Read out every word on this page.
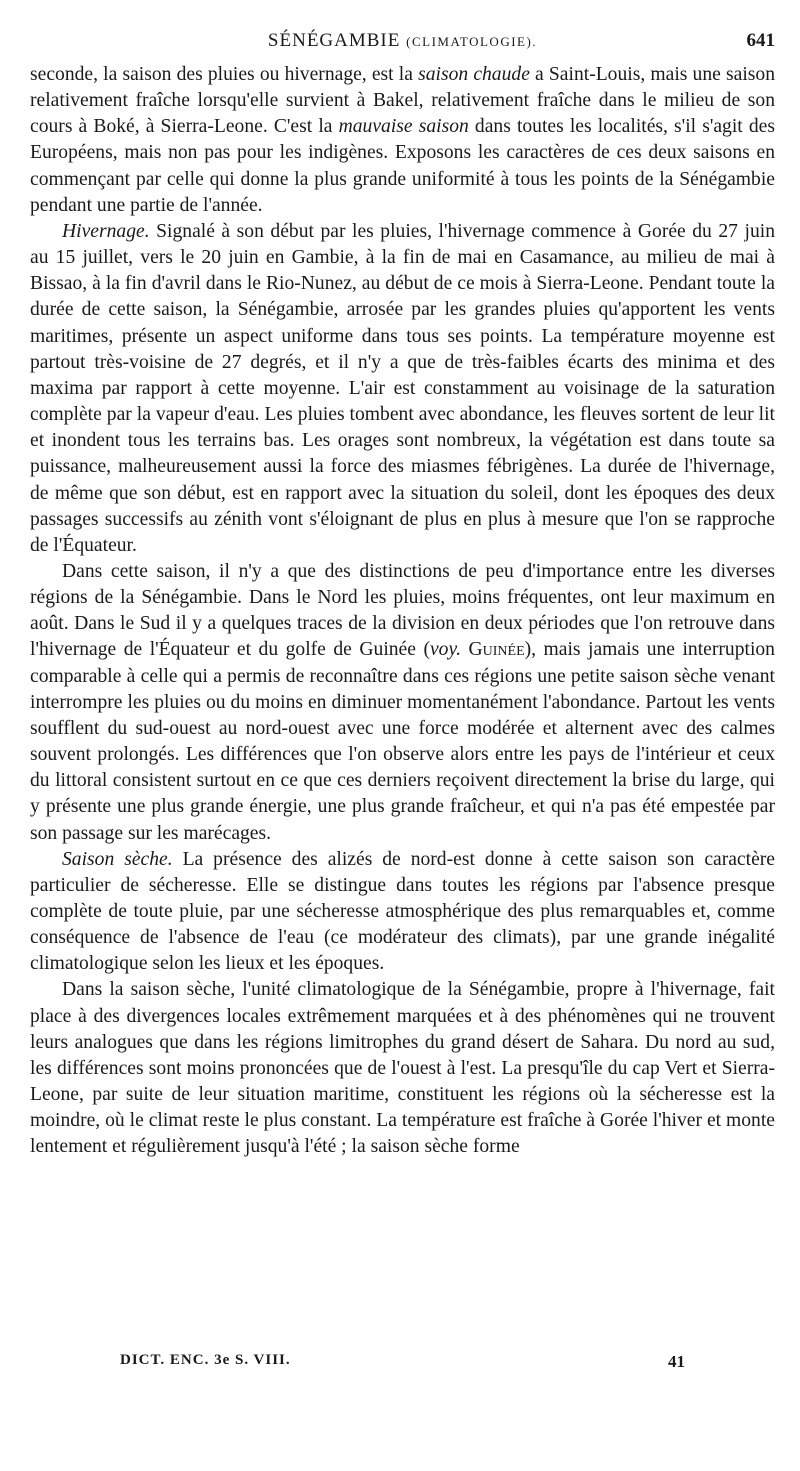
SÉNÉGAMBIE (CLIMATOLOGIE).	641

seconde, la saison des pluies ou hivernage, est la saison chaude a Saint-Louis, mais une saison relativement fraîche lorsqu'elle survient à Bakel, relativement fraîche dans le milieu de son cours à Boké, à Sierra-Leone. C'est la mauvaise saison dans toutes les localités, s'il s'agit des Européens, mais non pas pour les indigènes. Exposons les caractères de ces deux saisons en commençant par celle qui donne la plus grande uniformité à tous les points de la Sénégambie pendant une partie de l'année.

Hivernage. Signalé à son début par les pluies, l'hivernage commence à Gorée du 27 juin au 15 juillet, vers le 20 juin en Gambie, à la fin de mai en Casamance, au milieu de mai à Bissao, à la fin d'avril dans le Rio-Nunez, au début de ce mois à Sierra-Leone. Pendant toute la durée de cette saison, la Sénégambie, arrosée par les grandes pluies qu'apportent les vents maritimes, présente un aspect uniforme dans tous ses points. La température moyenne est partout très-voisine de 27 degrés, et il n'y a que de très-faibles écarts des minima et des maxima par rapport à cette moyenne. L'air est constamment au voisinage de la saturation complète par la vapeur d'eau. Les pluies tombent avec abondance, les fleuves sortent de leur lit et inondent tous les terrains bas. Les orages sont nombreux, la végétation est dans toute sa puissance, malheureusement aussi la force des miasmes fébrigènes. La durée de l'hivernage, de même que son début, est en rapport avec la situation du soleil, dont les époques des deux passages successifs au zénith vont s'éloignant de plus en plus à mesure que l'on se rapproche de l'Équateur.

Dans cette saison, il n'y a que des distinctions de peu d'importance entre les diverses régions de la Sénégambie. Dans le Nord les pluies, moins fréquentes, ont leur maximum en août. Dans le Sud il y a quelques traces de la division en deux périodes que l'on retrouve dans l'hivernage de l'Équateur et du golfe de Guinée (voy. Guinée), mais jamais une interruption comparable à celle qui a permis de reconnaître dans ces régions une petite saison sèche venant interrompre les pluies ou du moins en diminuer momentanément l'abondance. Partout les vents soufflent du sud-ouest au nord-ouest avec une force modérée et alternent avec des calmes souvent prolongés. Les différences que l'on observe alors entre les pays de l'intérieur et ceux du littoral consistent surtout en ce que ces derniers reçoivent directement la brise du large, qui y présente une plus grande énergie, une plus grande fraîcheur, et qui n'a pas été empestée par son passage sur les marécages.

Saison sèche. La présence des alizés de nord-est donne à cette saison son caractère particulier de sécheresse. Elle se distingue dans toutes les régions par l'absence presque complète de toute pluie, par une sécheresse atmosphérique des plus remarquables et, comme conséquence de l'absence de l'eau (ce modérateur des climats), par une grande inégalité climatologique selon les lieux et les époques.

Dans la saison sèche, l'unité climatologique de la Sénégambie, propre à l'hivernage, fait place à des divergences locales extrêmement marquées et à des phénomènes qui ne trouvent leurs analogues que dans les régions limitrophes du grand désert de Sahara. Du nord au sud, les différences sont moins prononcées que de l'ouest à l'est. La presqu'île du cap Vert et Sierra-Leone, par suite de leur situation maritime, constituent les régions où la sécheresse est la moindre, où le climat reste le plus constant. La température est fraîche à Gorée l'hiver et monte lentement et régulièrement jusqu'à l'été ; la saison sèche forme

DICT. ENC. 3e S. VIII.	41
